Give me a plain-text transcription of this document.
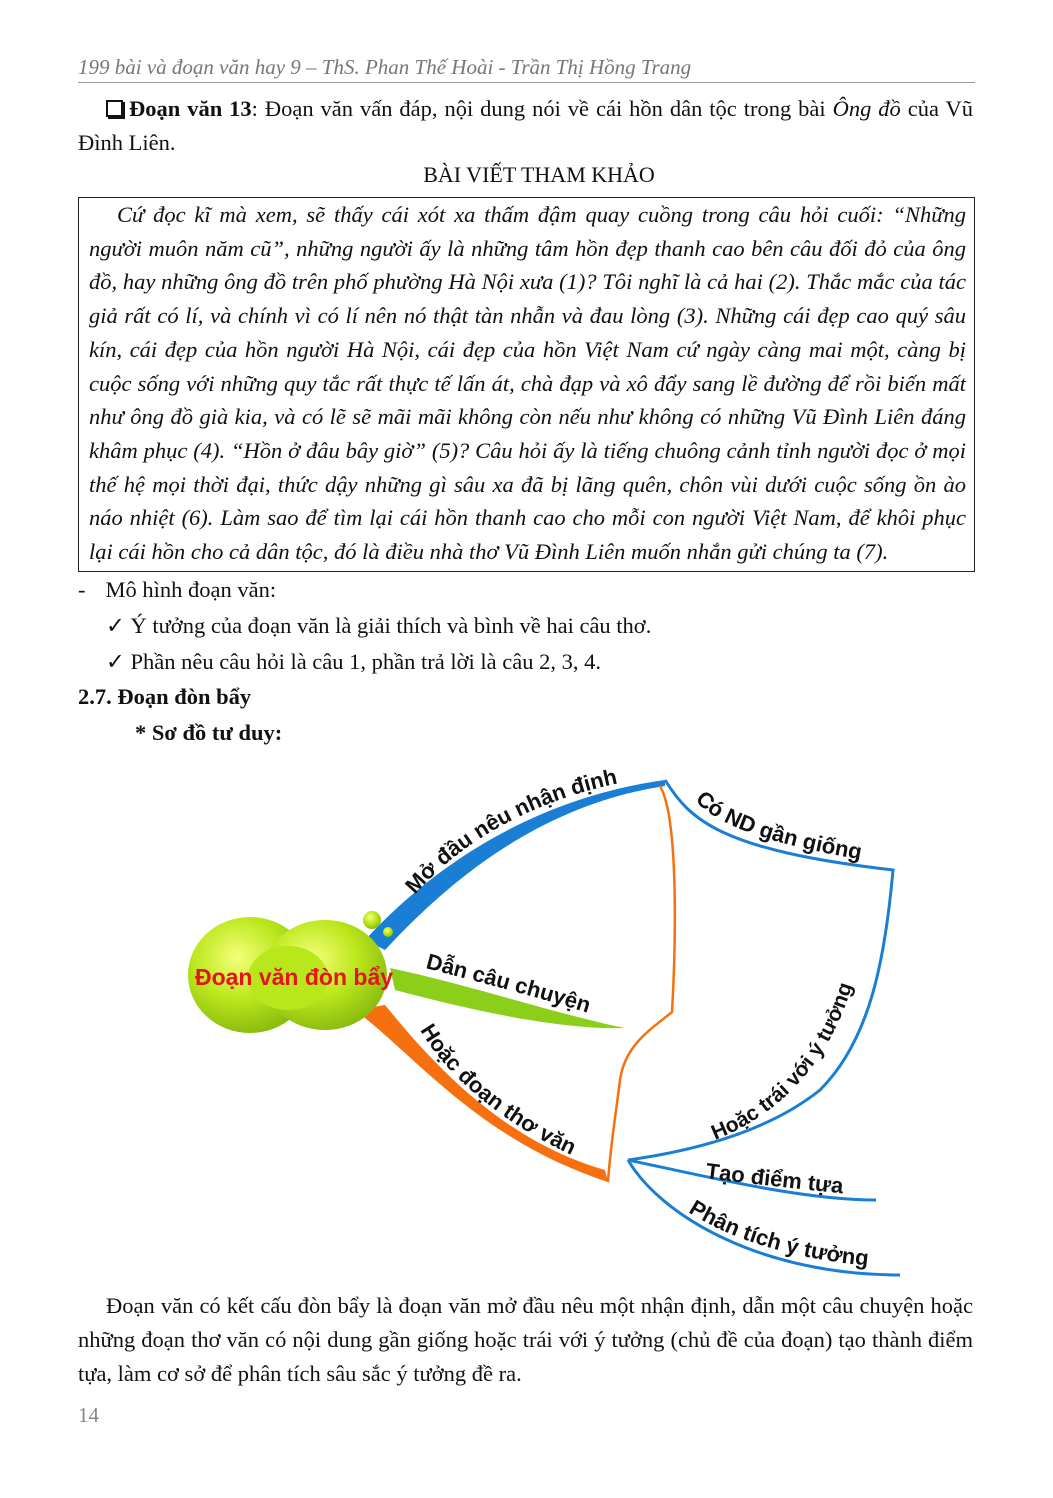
199 bài và đoạn văn hay 9 – ThS. Phan Thế Hoài - Trần Thị Hồng Trang
Đoạn văn 13: Đoạn văn vấn đáp, nội dung nói về cái hồn dân tộc trong bài Ông đồ của Vũ Đình Liên.
BÀI VIẾT THAM KHẢO
Cứ đọc kĩ mà xem, sẽ thấy cái xót xa thấm đậm quay cuồng trong câu hỏi cuối: “Những người muôn năm cũ”, những người ấy là những tâm hồn đẹp thanh cao bên câu đối đỏ của ông đồ, hay những ông đồ trên phố phường Hà Nội xưa (1)? Tôi nghĩ là cả hai (2). Thắc mắc của tác giả rất có lí, và chính vì có lí nên nó thật tàn nhẫn và đau lòng (3). Những cái đẹp cao quý sâu kín, cái đẹp của hồn người Hà Nội, cái đẹp của hồn Việt Nam cứ ngày càng mai một, càng bị cuộc sống với những quy tắc rất thực tế lấn át, chà đạp và xô đẩy sang lề đường để rồi biến mất như ông đồ già kia, và có lẽ sẽ mãi mãi không còn nếu như không có những Vũ Đình Liên đáng khâm phục (4). “Hồn ở đâu bây giờ” (5)? Câu hỏi ấy là tiếng chuông cảnh tỉnh người đọc ở mọi thế hệ mọi thời đại, thức dậy những gì sâu xa đã bị lãng quên, chôn vùi dưới cuộc sống ồn ào náo nhiệt (6). Làm sao để tìm lại cái hồn thanh cao cho mỗi con người Việt Nam, để khôi phục lại cái hồn cho cả dân tộc, đó là điều nhà thơ Vũ Đình Liên muốn nhắn gửi chúng ta (7).
- Mô hình đoạn văn:
✓ Ý tưởng của đoạn văn là giải thích và bình về hai câu thơ.
✓ Phần nêu câu hỏi là câu 1, phần trả lời là câu 2, 3, 4.
2.7. Đoạn đòn bẩy
* Sơ đồ tư duy:
Đoạn văn đòn bẩy
Mở đầu nêu nhận định
Dẫn câu chuyện
Hoặc đoạn thơ văn
Có ND gần giống
Hoặc trái với ý tưởng
Tạo điểm tựa
Phân tích ý tưởng
Đoạn văn có kết cấu đòn bẩy là đoạn văn mở đầu nêu một nhận định, dẫn một câu chuyện hoặc những đoạn thơ văn có nội dung gần giống hoặc trái với ý tưởng (chủ đề của đoạn) tạo thành điểm tựa, làm cơ sở để phân tích sâu sắc ý tưởng đề ra.
14
